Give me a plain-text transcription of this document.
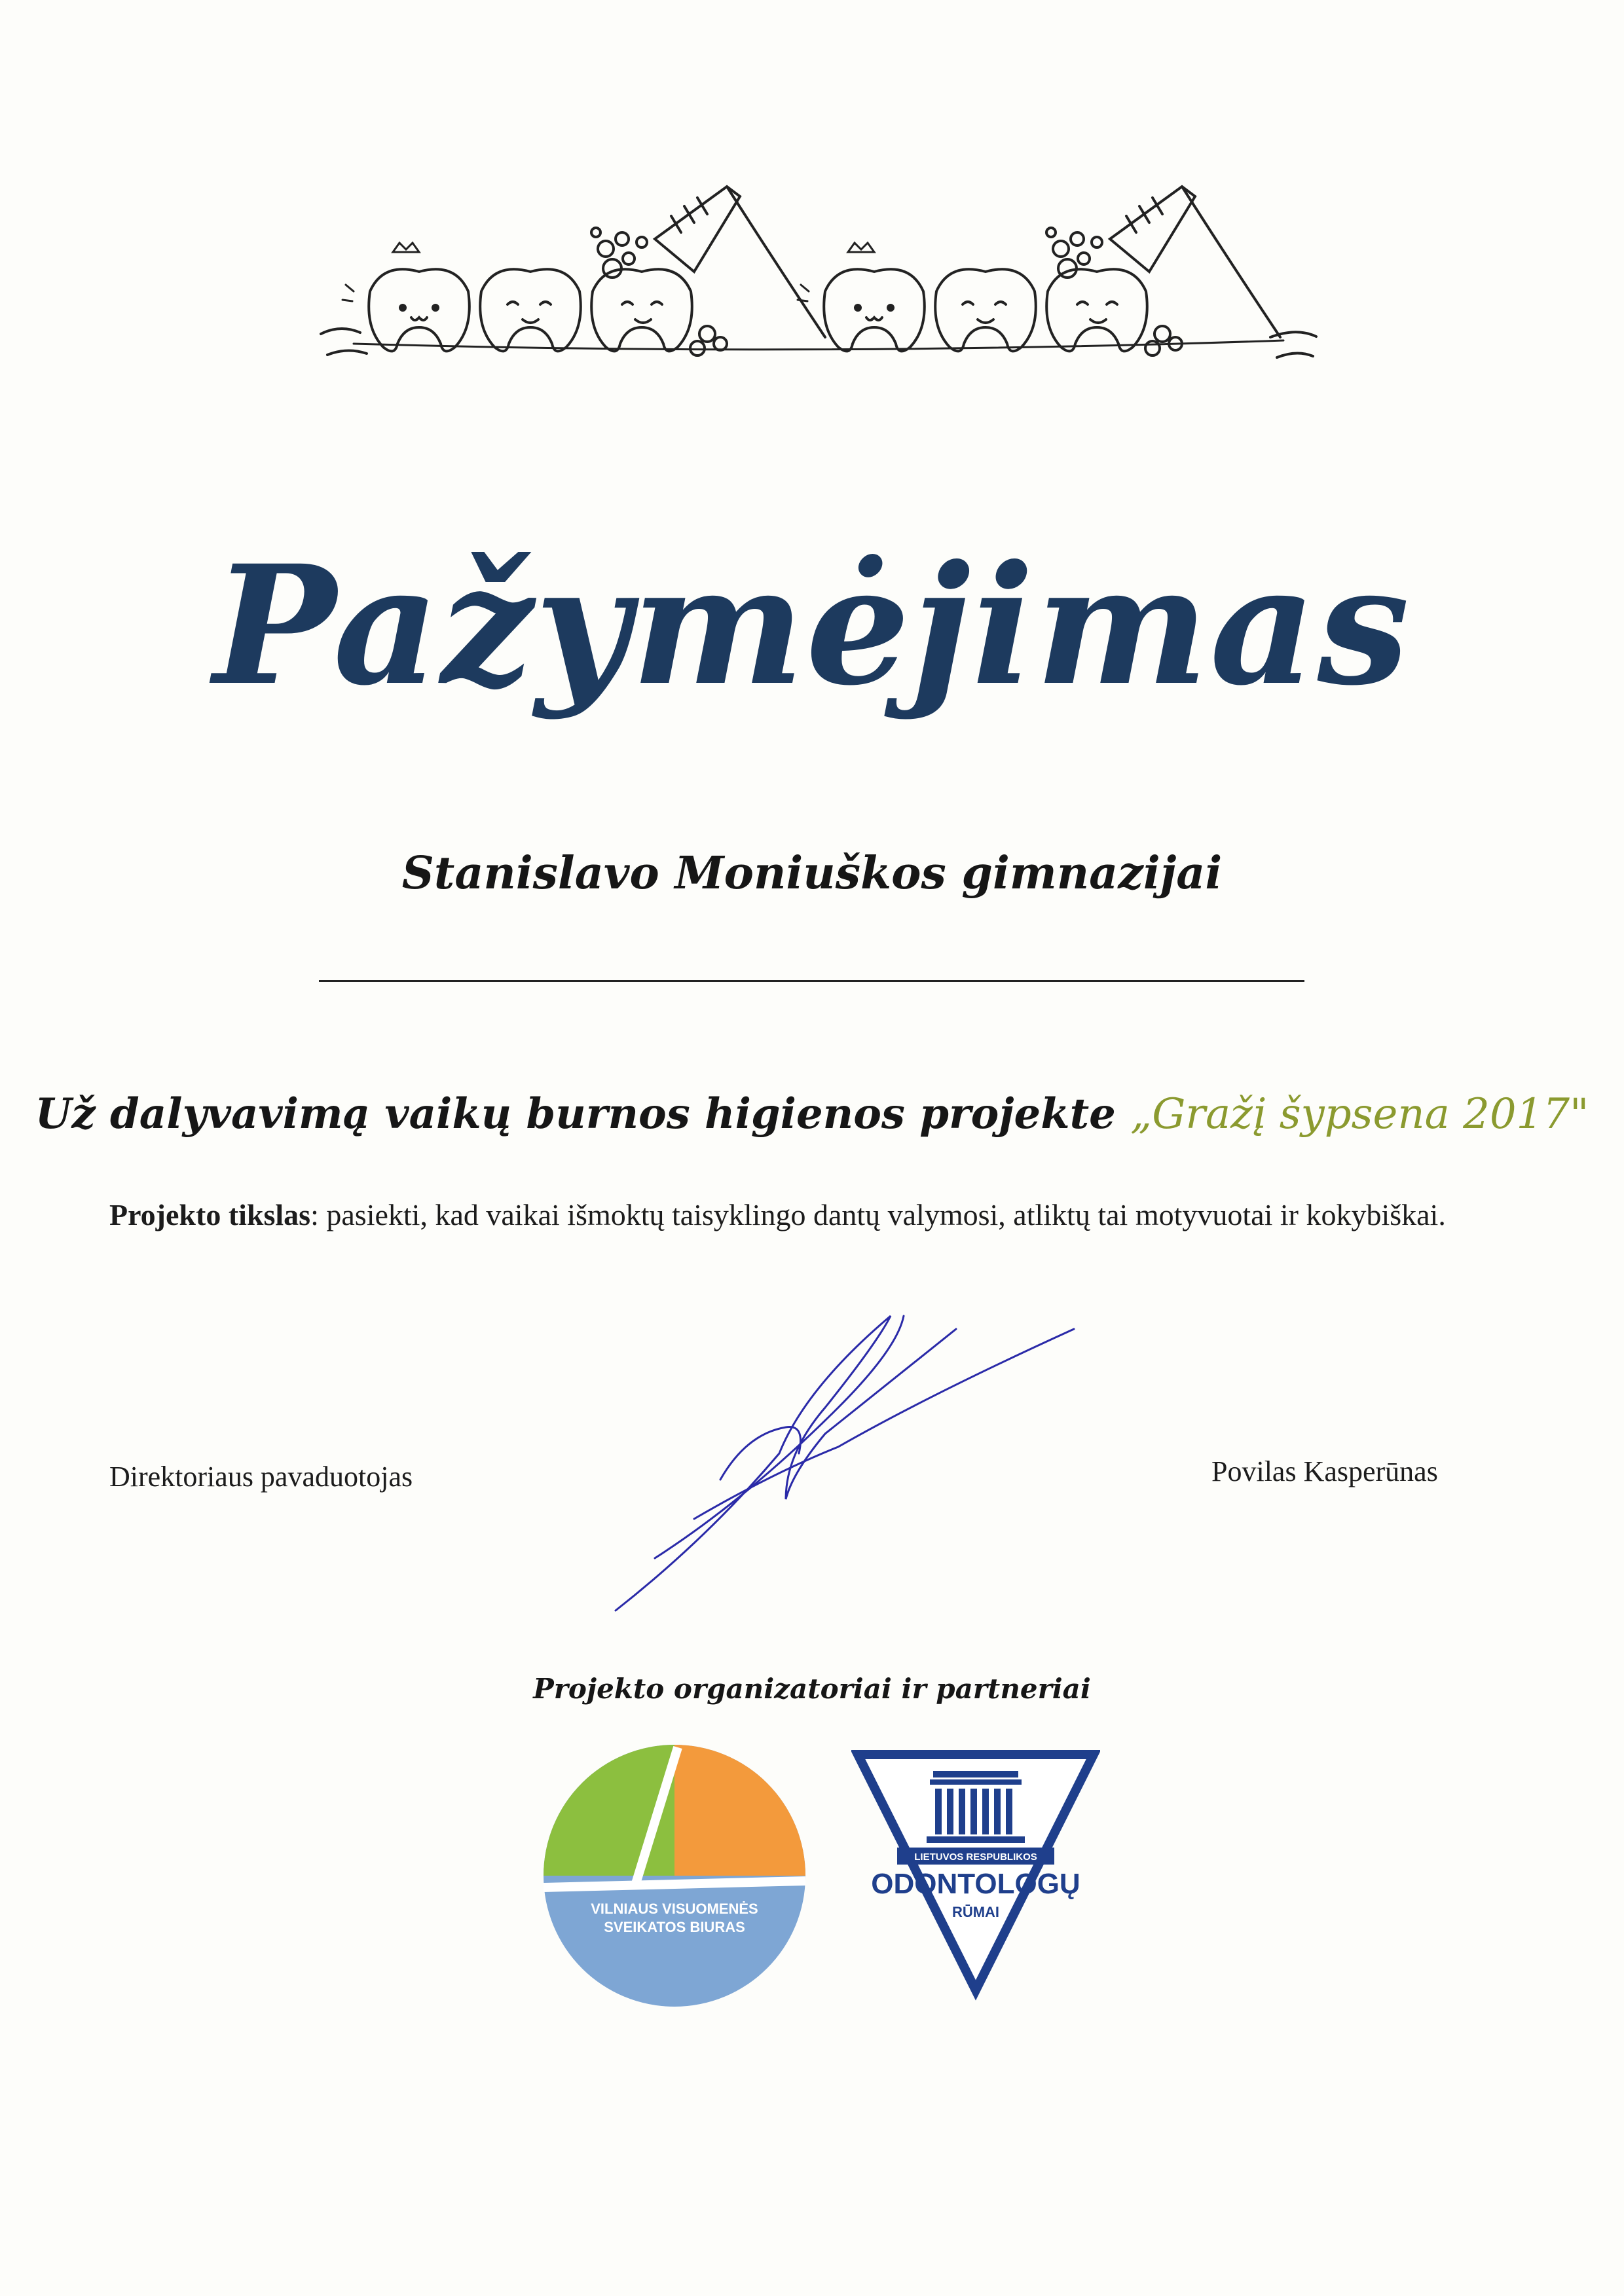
Pažymėjimas
Stanislavo Moniuškos gimnazijai
Už dalyvavimą vaikų burnos higienos projekte „Gražį šypsena 2017"
Projekto tikslas: pasiekti, kad vaikai išmoktų taisyklingo dantų valymosi, atliktų tai motyvuotai ir kokybiškai.
Direktoriaus pavaduotojas	Povilas Kasperūnas
Projekto organizatoriai ir partneriai
VILNIAUS VISUOMENĖS
SVEIKATOS BIURAS
LIETUVOS RESPUBLIKOS
ODONTOLOGŲ
RŪMAI
